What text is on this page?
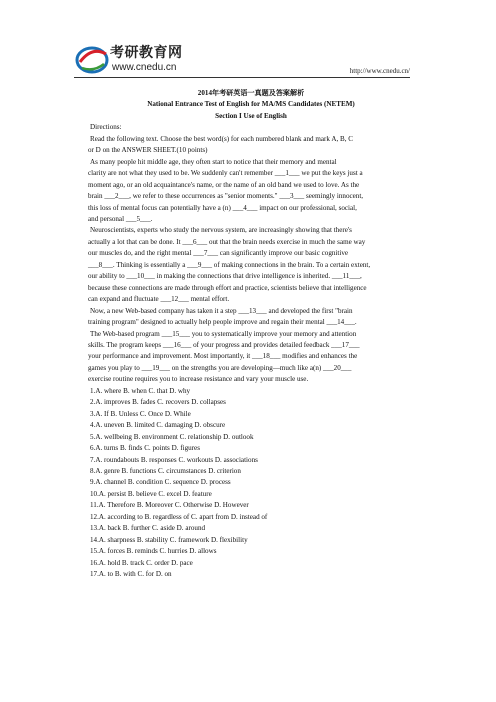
考研教育网
www.cnedu.cn	http://www.cnedu.cn/
2014年考研英语一真题及答案解析
National Entrance Test of English for MA/MS Candidates (NETEM)
Section I Use of English
Directions:
Read the following text. Choose the best word(s) for each numbered blank and mark A, B, C
or D on the ANSWER SHEET.(10 points)
As many people hit middle age, they often start to notice that their memory and mental
clarity are not what they used to be. We suddenly can't remember ___1___ we put the keys just a
moment ago, or an old acquaintance's name, or the name of an old band we used to love. As the
brain ___2___, we refer to these occurrences as "senior moments." ___3___ seemingly innocent,
this loss of mental focus can potentially have a (n) ___4___ impact on our professional, social,
and personal ___5___.
Neuroscientists, experts who study the nervous system, are increasingly showing that there's
actually a lot that can be done. It ___6___ out that the brain needs exercise in much the same way
our muscles do, and the right mental ___7___ can significantly improve our basic cognitive
___8___. Thinking is essentially a ___9___ of making connections in the brain. To a certain extent,
our ability to ___10___ in making the connections that drive intelligence is inherited. ___11___,
because these connections are made through effort and practice, scientists believe that intelligence
can expand and fluctuate ___12___ mental effort.
Now, a new Web-based company has taken it a step ___13___ and developed the first "brain
training program" designed to actually help people improve and regain their mental ___14___.
The Web-based program ___15___ you to systematically improve your memory and attention
skills. The program keeps ___16___ of your progress and provides detailed feedback ___17___
your performance and improvement. Most importantly, it ___18___ modifies and enhances the
games you play to ___19___ on the strengths you are developing—much like a(n) ___20___
exercise routine requires you to increase resistance and vary your muscle use.
1.A. where B. when C. that D. why
2.A. improves B. fades C. recovers D. collapses
3.A. If B. Unless C. Once D. While
4.A. uneven B. limited C. damaging D. obscure
5.A. wellbeing B. environment C. relationship D. outlook
6.A. turns B. finds C. points D. figures
7.A. roundabouts B. responses C. workouts D. associations
8.A. genre B. functions C. circumstances D. criterion
9.A. channel B. condition C. sequence D. process
10.A. persist B. believe C. excel D. feature
11.A. Therefore B. Moreover C. Otherwise D. However
12.A. according to B. regardless of C. apart from D. instead of
13.A. back B. further C. aside D. around
14.A. sharpness B. stability C. framework D. flexibility
15.A. forces B. reminds C. hurries D. allows
16.A. hold B. track C. order D. pace
17.A. to B. with C. for D. on
